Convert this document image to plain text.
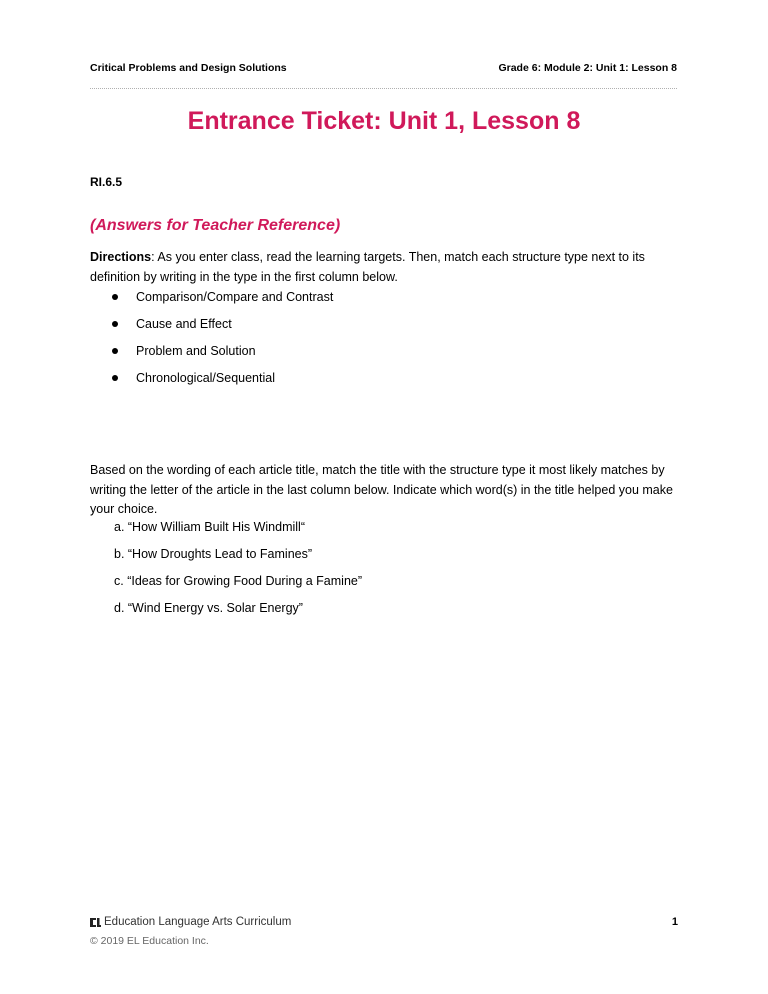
Critical Problems and Design Solutions	Grade 6: Module 2: Unit 1: Lesson 8
Entrance Ticket: Unit 1, Lesson 8
RI.6.5
(Answers for Teacher Reference)
Directions: As you enter class, read the learning targets. Then, match each structure type next to its definition by writing in the type in the first column below.
Comparison/Compare and Contrast
Cause and Effect
Problem and Solution
Chronological/Sequential
Based on the wording of each article title, match the title with the structure type it most likely matches by writing the letter of the article in the last column below. Indicate which word(s) in the title helped you make your choice.
a. “How William Built His Windmill“
b. “How Droughts Lead to Famines”
c. “Ideas for Growing Food During a Famine”
d. “Wind Energy vs. Solar Energy”
Education Language Arts Curriculum
© 2019 EL Education Inc.
1
